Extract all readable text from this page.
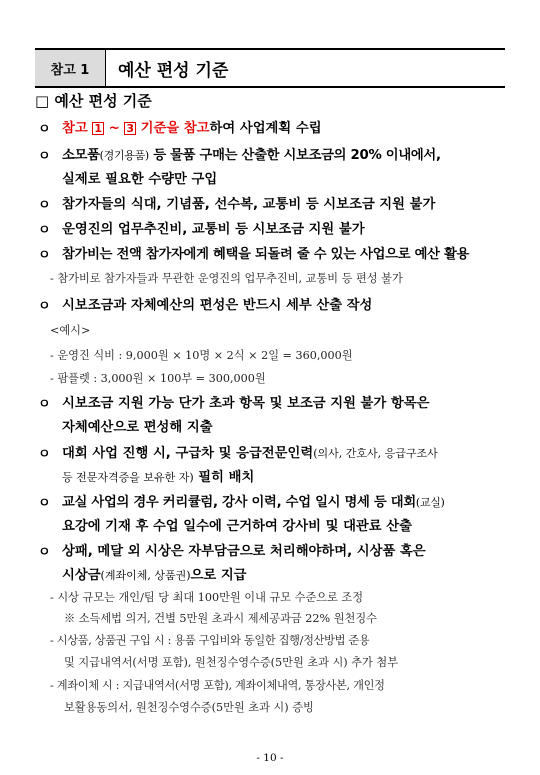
참고 1	예산 편성 기준
□ 예산 편성 기준
ㅇ 참고 1 ~ 3 기준을 참고하여 사업계획 수립
ㅇ 소모품(경기용품) 등 물품 구매는 산출한 시보조금의 20% 이내에서,
실제로 필요한 수량만 구입
ㅇ 참가자들의 식대, 기념품, 선수복, 교통비 등 시보조금 지원 불가
ㅇ 운영진의 업무추진비, 교통비 등 시보조금 지원 불가
ㅇ 참가비는 전액 참가자에게 혜택을 되돌려 줄 수 있는 사업으로 예산 활용
- 참가비로 참가자들과 무관한 운영진의 업무추진비, 교통비 등 편성 불가
ㅇ 시보조금과 자체예산의 편성은 반드시 세부 산출 작성
<예시>
- 운영진 식비 : 9,000원 × 10명 × 2식 × 2일 = 360,000원
- 팜플렛 : 3,000원 × 100부 = 300,000원
ㅇ 시보조금 지원 가능 단가 초과 항목 및 보조금 지원 불가 항목은
자체예산으로 편성해 지출
ㅇ 대회 사업 진행 시, 구급차 및 응급전문인력(의사, 간호사, 응급구조사
등 전문자격증을 보유한 자) 필히 배치
ㅇ 교실 사업의 경우 커리큘럼, 강사 이력, 수업 일시 명세 등 대회(교실)
요강에 기재 후 수업 일수에 근거하여 강사비 및 대관료 산출
ㅇ 상패, 메달 외 시상은 자부담금으로 처리해야하며, 시상품 혹은
시상금(계좌이체, 상품권)으로 지급
- 시상 규모는 개인/팀 당 최대 100만원 이내 규모 수준으로 조정
※ 소득세법 의거, 건별 5만원 초과시 제세공과금 22% 원천징수
- 시상품, 상품권 구입 시 : 용품 구입비와 동일한 집행/정산방법 준용
및 지급내역서(서명 포함), 원천징수영수증(5만원 초과 시) 추가 첨부
- 계좌이체 시 : 지급내역서(서명 포함), 계좌이체내역, 통장사본, 개인정
보활용동의서, 원천징수영수증(5만원 초과 시) 증빙
- 10 -
